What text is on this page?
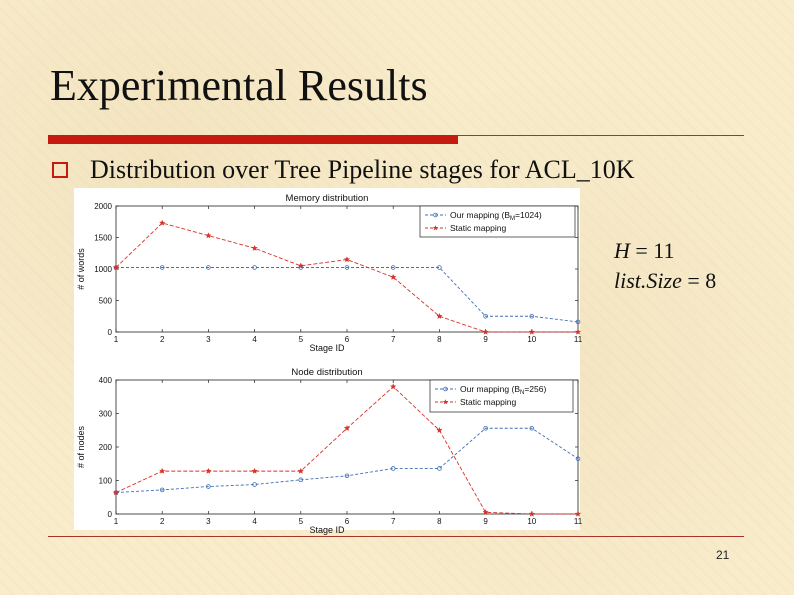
Experimental Results
Distribution over Tree Pipeline stages for ACL_10K
Memory distribution
1	2	3	4	5	6	7	8	9	10	11
0
500
1000
1500
2000
Stage ID
# of words
Our mapping $(B_M=1024)$
Static mapping
Node distribution
1	2	3	4	5	6	7	8	9	10	11
0
100
200
300
400
Stage ID
# of nodes
Our mapping $(B_N=256)$
Static mapping
H = 11
list.Size = 8
21
